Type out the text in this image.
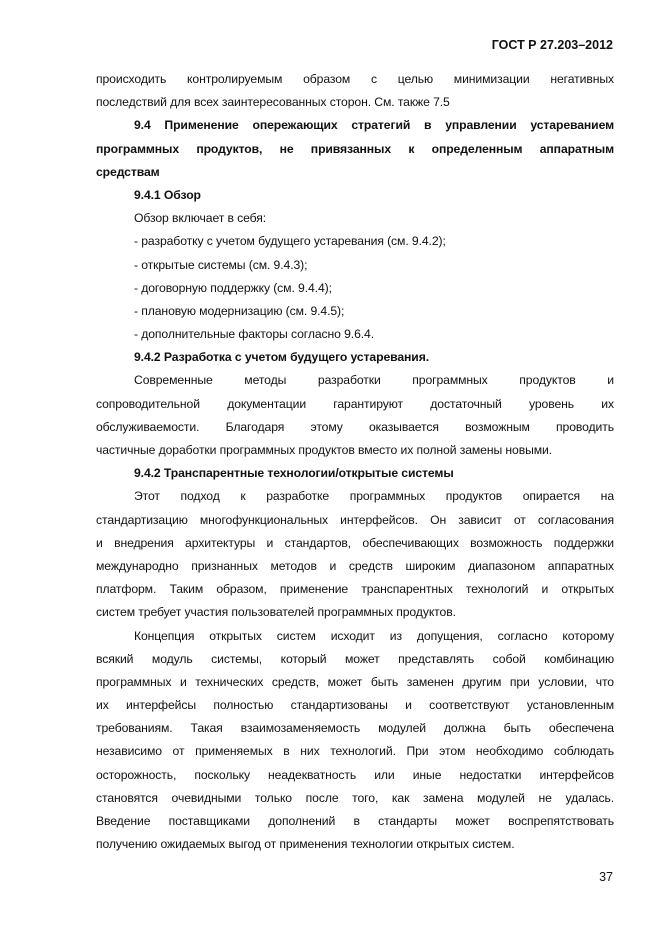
ГОСТ Р 27.203–2012
происходить контролируемым образом с целью минимизации негативных
последствий для всех заинтересованных сторон. См. также 7.5
9.4 Применение опережающих стратегий в управлении устареванием
программных продуктов, не привязанных к определенным аппаратным
средствам
9.4.1 Обзор
Обзор включает в себя:
- разработку с учетом будущего устаревания (см. 9.4.2);
- открытые системы (см. 9.4.3);
- договорную поддержку (см. 9.4.4);
- плановую модернизацию (см. 9.4.5);
- дополнительные факторы согласно 9.6.4.
9.4.2 Разработка с учетом будущего устаревания.
Современные методы разработки программных продуктов и
сопроводительной документации гарантируют достаточный уровень их
обслуживаемости. Благодаря этому оказывается возможным проводить
частичные доработки программных продуктов вместо их полной замены новыми.
9.4.2 Транспарентные технологии/открытые системы
Этот подход к разработке программных продуктов опирается на
стандартизацию многофункциональных интерфейсов. Он зависит от согласования
и внедрения архитектуры и стандартов, обеспечивающих возможность поддержки
международно признанных методов и средств широким диапазоном аппаратных
платформ. Таким образом, применение транспарентных технологий и открытых
систем требует участия пользователей программных продуктов.
Концепция открытых систем исходит из допущения, согласно которому
всякий модуль системы, который может представлять собой комбинацию
программных и технических средств, может быть заменен другим при условии, что
их интерфейсы полностью стандартизованы и соответствуют установленным
требованиям. Такая взаимозаменяемость модулей должна быть обеспечена
независимо от применяемых в них технологий. При этом необходимо соблюдать
осторожность, поскольку неадекватность или иные недостатки интерфейсов
становятся очевидными только после того, как замена модулей не удалась.
Введение поставщиками дополнений в стандарты может воспрепятствовать
получению ожидаемых выгод от применения технологии открытых систем.
37
